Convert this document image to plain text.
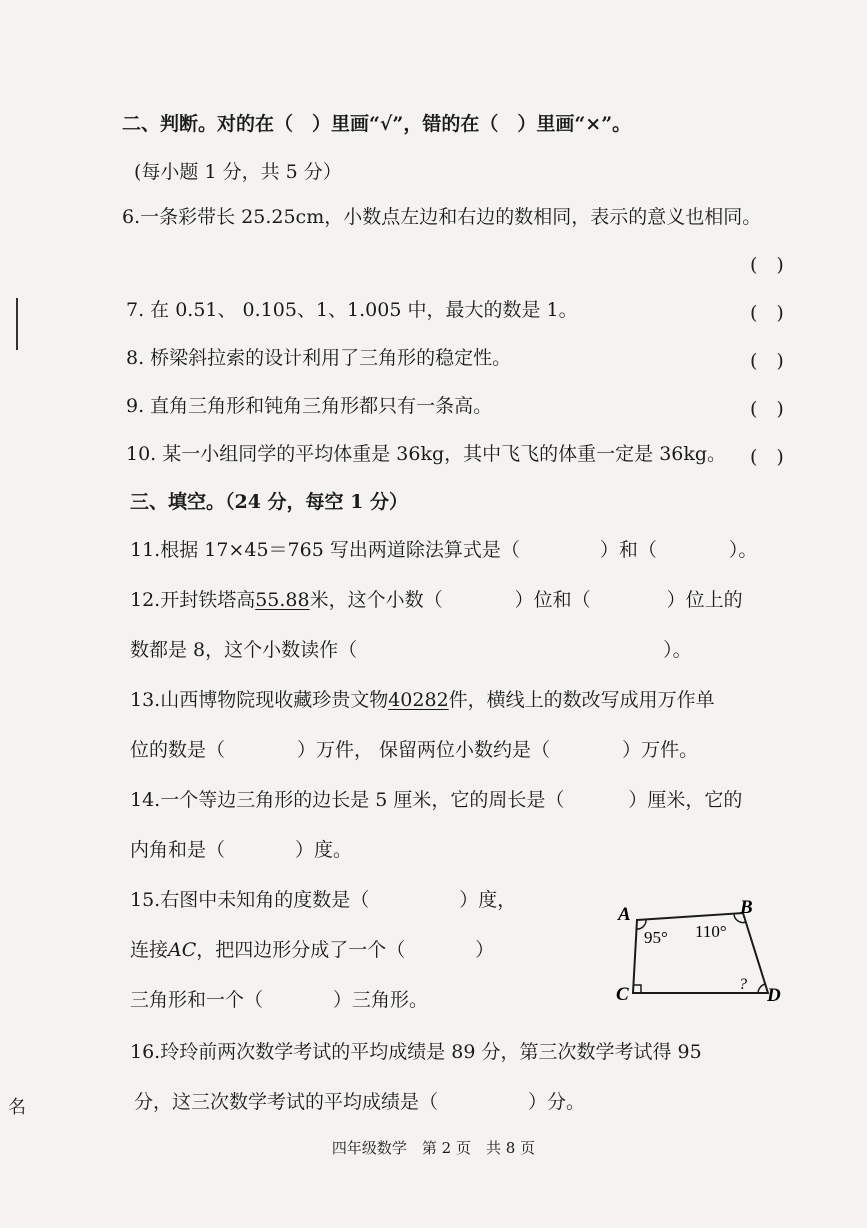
名
二、判断。对的在（　）里画“√”，错的在（　）里画“×”。
(每小题 1 分，共 5 分）
6.一条彩带长 25.25cm，小数点左边和右边的数相同，表示的意义也相同。
(　)
7. 在 0.51、 0.105、1、1.005 中，最大的数是 1。	(　)
8. 桥梁斜拉索的设计利用了三角形的稳定性。	(　)
9. 直角三角形和钝角三角形都只有一条高。	(　)
10. 某一小组同学的平均体重是 36kg，其中飞飞的体重一定是 36kg。 (　)
三、填空。（24 分，每空 1 分）
11.根据 17×45＝765 写出两道除法算式是（	）和（	）。
12.开封铁塔高55.88米，这个小数（	）位和（	）位上的
数都是 8，这个小数读作（	）。
13.山西博物院现收藏珍贵文物40282件，横线上的数改写成用万作单
位的数是（	）万件， 保留两位小数约是（	）万件。
14.一个等边三角形的边长是 5 厘米，它的周长是（	）厘米，它的
内角和是（	）度。
15.右图中未知角的度数是（	）度，
连接AC，把四边形分成了一个（	）
三角形和一个（	）三角形。
A	B
C	D
95° 110°
?
16.玲玲前两次数学考试的平均成绩是 89 分，第三次数学考试得 95
分，这三次数学考试的平均成绩是（	）分。
四年级数学　第 2 页　共 8 页
